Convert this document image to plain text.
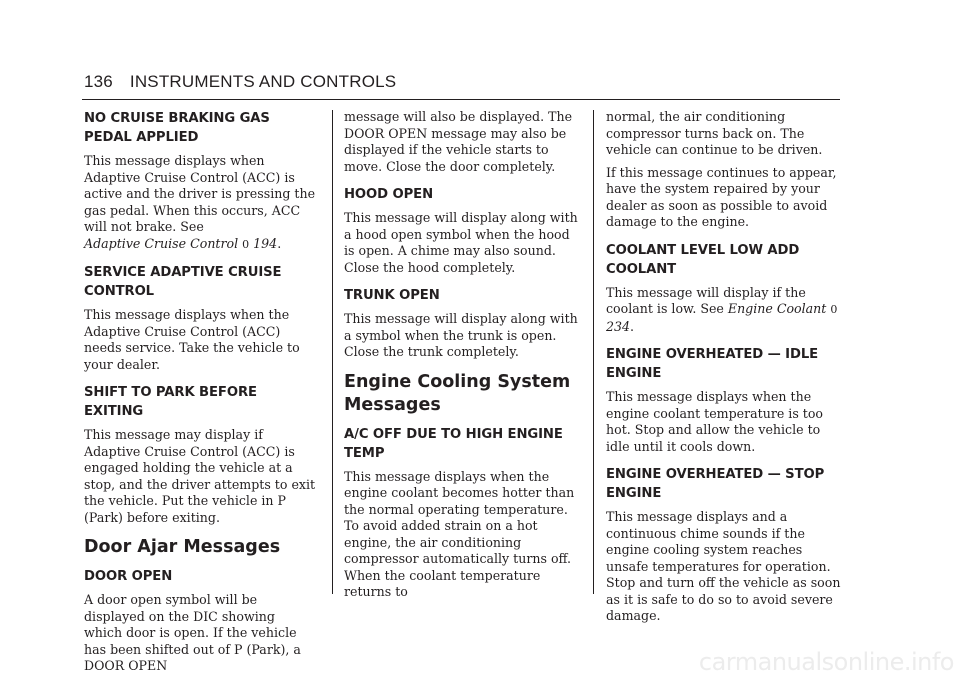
136 INSTRUMENTS AND CONTROLS
NO CRUISE BRAKING GAS PEDAL APPLIED

This message displays when Adaptive Cruise Control (ACC) is active and the driver is pressing the gas pedal. When this occurs, ACC will not brake. See
Adaptive Cruise Control 0 194.

SERVICE ADAPTIVE CRUISE CONTROL

This message displays when the Adaptive Cruise Control (ACC) needs service. Take the vehicle to your dealer.

SHIFT TO PARK BEFORE EXITING

This message may display if Adaptive Cruise Control (ACC) is engaged holding the vehicle at a stop, and the driver attempts to exit the vehicle. Put the vehicle in P (Park) before exiting.

Door Ajar Messages
DOOR OPEN

A door open symbol will be displayed on the DIC showing which door is open. If the vehicle has been shifted out of P (Park), a DOOR OPEN

message will also be displayed. The DOOR OPEN message may also be displayed if the vehicle starts to move. Close the door completely.

HOOD OPEN

This message will display along with a hood open symbol when the hood is open. A chime may also sound. Close the hood completely.

TRUNK OPEN

This message will display along with a symbol when the trunk is open. Close the trunk completely.

Engine Cooling System Messages
A/C OFF DUE TO HIGH ENGINE TEMP

This message displays when the engine coolant becomes hotter than the normal operating temperature. To avoid added strain on a hot engine, the air conditioning compressor automatically turns off. When the coolant temperature returns to

normal, the air conditioning compressor turns back on. The vehicle can continue to be driven.

If this message continues to appear, have the system repaired by your dealer as soon as possible to avoid damage to the engine.

COOLANT LEVEL LOW ADD COOLANT

This message will display if the coolant is low. See Engine Coolant 0 234.

ENGINE OVERHEATED — IDLE ENGINE

This message displays when the engine coolant temperature is too hot. Stop and allow the vehicle to idle until it cools down.

ENGINE OVERHEATED — STOP ENGINE

This message displays and a continuous chime sounds if the engine cooling system reaches unsafe temperatures for operation. Stop and turn off the vehicle as soon as it is safe to do so to avoid severe damage.

carmanualsonline.info
